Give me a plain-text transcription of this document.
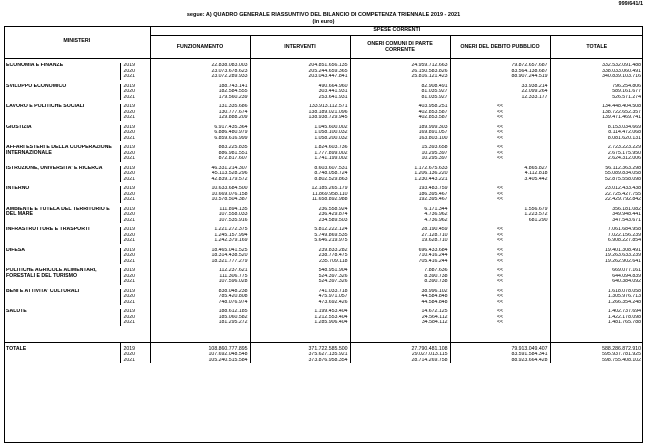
999/641/1
segue: A) QUADRO GENERALE RIASSUNTIVO DEL BILANCIO DI COMPETENZA TRIENNALE 2019 - 2021
(in euro)
MINISTERI		SPESE CORRENTI				
		FUNZIONAMENTO	INTERVENTI	ONERI COMUNI DI PARTE CORRENTE	ONERI DEL DEBITO PUBBLICO	TOTALE

ECONOMIA E FINANZE	2019	22.838.083.003	204.851.656.135	24.959.712.663	79.872.657.687	332.532.091.488
	2020	23.073.678.623	205.244.659.365	26.150.583.826	83.564.138.687	338.033.060.491
	2021	23.072.289.933	203.043.447.841	25.816.121.423	88.907.244.519	340.839.103.716

SVILUPPO ECONOMICO	2019	188.743.141	490.664.960	82.908.491	33.938.214	796.254.806
	2020	182.584.555	303.441.931	81.035.927	22.099.264	589.161.677
	2021	179.560.239	253.641.931	81.035.927	12.333.177	526.571.274

LAVORO E POLITICHE SOCIALI	2019	131.335.686	133.913.112.571	403.958.251	<<	134.448.404.508
	2020	130.777.674	138.189.021.096	402.853.587	<<	138.722.652.357
	2021	129.888.209	138.938.729.945	402.853.587	<<	139.471.469.741

GIUSTIZIA	2019	6.917.435.364	1.045.600.002	189.999.303	<<	8.153.034.669
	2020	6.886.480.979	1.058.100.032	169.891.057	<<	8.114.472.068
	2021	6.859.616.999	1.058.200.032	163.803.100	<<	8.081.620.131

AFFARI ESTERI E DELLA COOPERAZIONE INTERNAZIONALE	2019	883.225.835	1.824.603.736	15.393.658	<<	2.723.223.229
	2020	886.981.551	1.777.899.002	10.295.397	<<	2.675.175.950
	2021	872.817.607	1.741.199.002	10.295.397	<<	2.624.312.006

ISTRUZIONE, UNIVERSITA' E RICERCA	2019	46.331.214.307	8.603.607.531	1.172.675.633	4.865.827	56.112.363.298
	2020	45.113.528.296	8.748.058.724	1.206.136.220	4.112.818	55.089.834.058
	2021	42.839.179.572	8.802.529.863	1.230.443.221	3.405.442	52.875.558.098

INTERNO	2019	10.633.684.500	12.185.265.179	193.483.759	<<	23.012.433.438
	2020	10.669.076.158	11.869.958.110	186.395.467	<<	22.725.427.755
	2021	10.578.504.387	11.658.892.988	192.395.467	<<	22.429.792.842

AMBIENTE E TUTELA DEL TERRITORIO E DEL MARE	2019	111.894.135	236.558.924	6.171.344	1.556.679	356.181.082
	2020	107.558.033	236.429.874	4.736.962	1.223.572	349.948.441
	2021	107.535.916	234.589.503	4.736.962	681.290	347.543.671

INFRASTRUTTURE E TRASPORTI	2019	1.221.272.375	5.812.222.124	28.190.459	<<	7.061.684.958
	2020	1.245.157.994	5.749.869.535	27.128.710	<<	7.022.156.239
	2021	1.242.379.169	5.646.219.975	19.628.710	<<	6.908.227.854

DIFESA	2019	18.465.041.525	239.833.282	696.433.684	<<	19.401.308.491
	2020	18.314.438.520	238.778.475	710.416.244	<<	19.263.633.239
	2021	18.321.777.279	235.709.118	705.416.244	<<	19.262.902.641

POLITICHE AGRICOLE ALIMENTARI, FORESTALI E DEL TURISMO	2019	112.237.621	548.951.904	7.887.636	<<	669.077.161
	2020	111.306.775	524.397.326	8.390.738	<<	644.094.839
	2021	107.596.028	524.397.326	8.390.738	<<	640.384.092

BENI E ATTIVITA' CULTURALI	2019	838.048.238	741.033.718	38.996.102	<<	1.618.078.058
	2020	785.420.808	475.971.057	44.584.848	<<	1.305.976.713
	2021	748.076.974	473.692.426	44.584.848	<<	1.266.354.248

SALUTE	2019	188.612.185	1.199.453.404	14.672.125	<<	1.402.737.694
	2020	185.060.582	1.212.553.404	24.564.112	<<	1.422.178.098
	2021	181.295.272	1.285.906.404	34.584.112	<<	1.481.765.788

TOTALE	2019	108.860.777.895	371.722.585.500	27.790.481.108	79.913.049.407	588.286.872.910
	2020	107.692.048.548	375.627.135.921	29.027.013.115	83.591.584.341	595.937.781.925
	2021	105.240.515.584	373.876.958.354	28.714.269.758	88.923.664.428	598.755.408.102
